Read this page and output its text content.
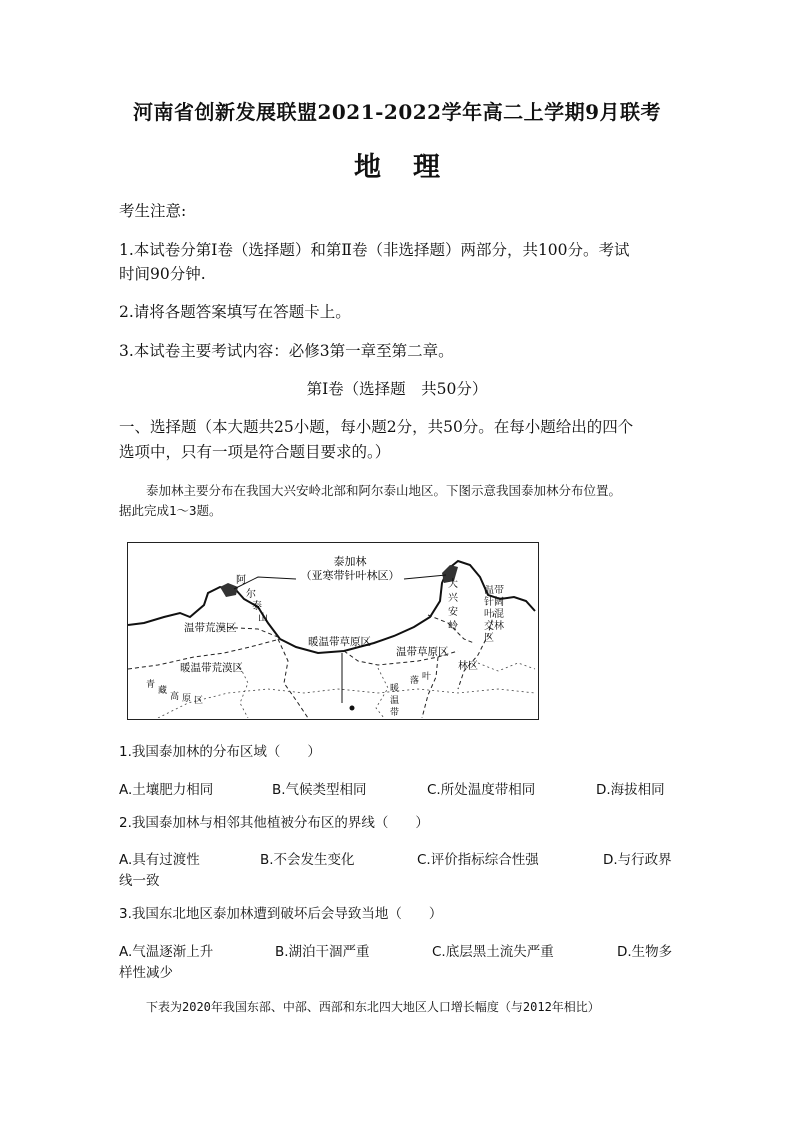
河南省创新发展联盟2021-2022学年高二上学期9月联考
地理
考生注意:
1.本试卷分第Ⅰ卷（选择题）和第Ⅱ卷（非选择题）两部分，共100分。考试
时间90分钟.
2.请将各题答案填写在答题卡上。
3.本试卷主要考试内容：必修3第一章至第二章。
第Ⅰ卷（选择题　共50分）
一、选择题（本大题共25小题，每小题2分，共50分。在每小题给出的四个
选项中，只有一项是符合题目要求的。）
泰加林主要分布在我国大兴安岭北部和阿尔泰山地区。下图示意我国泰加林分布位置。
据此完成1～3题。
泰加林
（亚寒带针叶林区）
阿
尔
泰
山
温带荒漠区
暖温带荒漠区
暖温带草原区
温带草原区
大
兴
安
岭
温带针阔叶混交林区
林 区
青
藏
高 原 区
暖
温
带
落 叶
1.我国泰加林的分布区域（　　）
A.土壤肥力相同	B.气候类型相同	C.所处温度带相同	D.海拔相同
2.我国泰加林与相邻其他植被分布区的界线（　　）
A.具有过渡性	B.不会发生变化	C.评价指标综合性强	D.与行政界
线一致
3.我国东北地区泰加林遭到破坏后会导致当地（　　）
A.气温逐渐上升	B.湖泊干涸严重	C.底层黑土流失严重	D.生物多
样性减少
下表为2020年我国东部、中部、西部和东北四大地区人口增长幅度（与2012年相比）
